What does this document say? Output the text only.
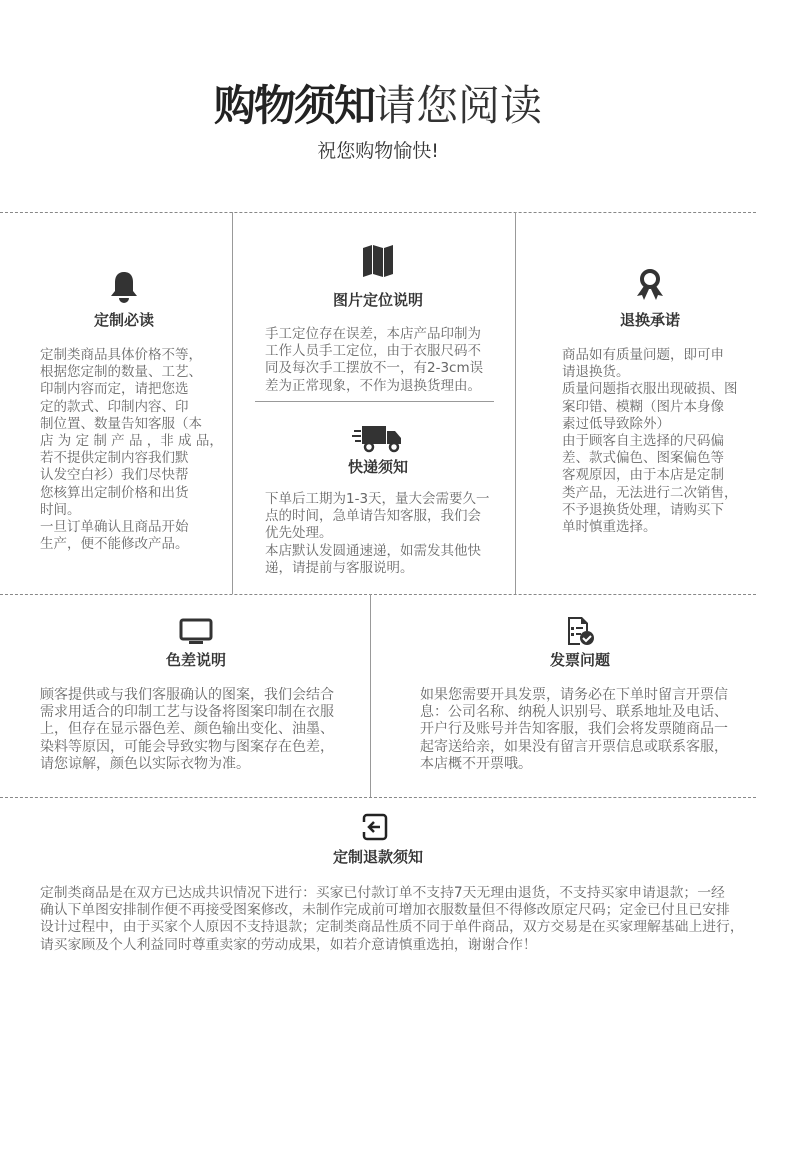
购物须知请您阅读
祝您购物愉快!
定制必读
定制类商品具体价格不等，
根据您定制的数量、工艺、
印制内容而定，请把您选
定的款式、印制内容、印
制位置、数量告知客服（本
店 为 定 制 产 品 ，非 成 品，
若不提供定制内容我们默
认发空白衫）我们尽快帮
您核算出定制价格和出货
时间。
一旦订单确认且商品开始
生产，便不能修改产品。
图片定位说明
手工定位存在误差，本店产品印制为
工作人员手工定位，由于衣服尺码不
同及每次手工摆放不一，有2-3cm误
差为正常现象，不作为退换货理由。
快递须知
下单后工期为1-3天，量大会需要久一
点的时间，急单请告知客服，我们会
优先处理。
本店默认发圆通速递，如需发其他快
递，请提前与客服说明。
退换承诺
商品如有质量问题，即可申
请退换货。
质量问题指衣服出现破损、图
案印错、模糊（图片本身像
素过低导致除外）
由于顾客自主选择的尺码偏
差、款式偏色、图案偏色等
客观原因，由于本店是定制
类产品，无法进行二次销售，
不予退换货处理，请购买下
单时慎重选择。
色差说明
顾客提供或与我们客服确认的图案，我们会结合
需求用适合的印制工艺与设备将图案印制在衣服
上，但存在显示器色差、颜色输出变化、油墨、
染料等原因，可能会导致实物与图案存在色差，
请您谅解，颜色以实际衣物为准。
发票问题
如果您需要开具发票，请务必在下单时留言开票信
息：公司名称、纳税人识别号、联系地址及电话、
开户行及账号并告知客服，我们会将发票随商品一
起寄送给亲，如果没有留言开票信息或联系客服，
本店概不开票哦。
定制退款须知
定制类商品是在双方已达成共识情况下进行：买家已付款订单不支持7天无理由退货，不支持买家申请退款；一经
确认下单图安排制作便不再接受图案修改，未制作完成前可增加衣服数量但不得修改原定尺码；定金已付且已安排
设计过程中，由于买家个人原因不支持退款；定制类商品性质不同于单件商品，双方交易是在买家理解基础上进行，
请买家顾及个人利益同时尊重卖家的劳动成果，如若介意请慎重选拍，谢谢合作！
